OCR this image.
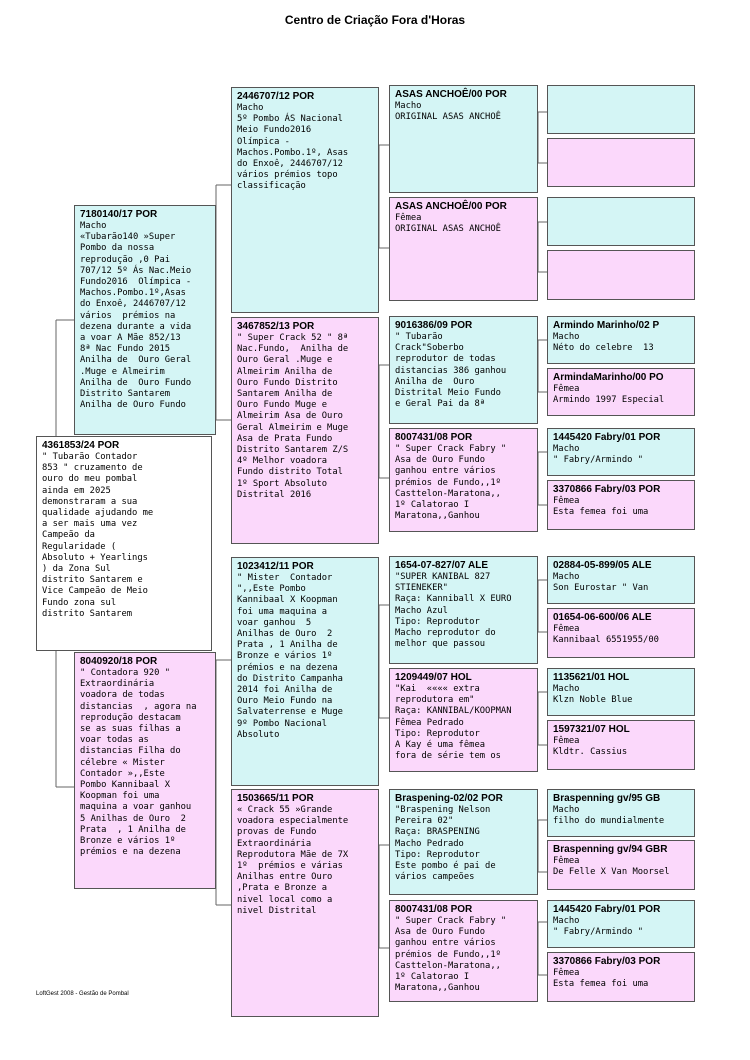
Centro de Criação Fora d'Horas
4361853/24 POR
" Tubarão Contador
853 " cruzamento de
ouro do meu pombal
ainda em 2025
demonstraram a sua
qualidade ajudando me
a ser mais uma vez
Campeão da
Regularidade (
Absoluto + Yearlings
) da Zona Sul
distrito Santarem e
Vice Campeão de Meio
Fundo zona sul
distrito Santarem
7180140/17 POR
Macho
«Tubarão140 »Super
Pombo da nossa
reprodução ,0 Pai
707/12 5º Ás Nac.Meio
Fundo2016  Olímpica -
Machos.Pombo.1º,Asas
do Enxoê, 2446707/12
vários  prémios na
dezena durante a vida
a voar A Mãe 852/13
8ª Nac Fundo 2015
Anilha de  Ouro Geral
.Muge e Almeirim
Anilha de  Ouro Fundo
Distrito Santarem
Anilha de Ouro Fundo
8040920/18 POR
" Contadora 920 "
Extraordinária
voadora de todas
distancias  , agora na
reprodução destacam
se as suas filhas a
voar todas as
distancias Filha do
célebre « Mister
Contador »,,Este
Pombo Kannibaal X
Koopman foi uma
maquina a voar ganhou
5 Anilhas de Ouro  2
Prata  , 1 Anilha de
Bronze e vários 1º
prémios e na dezena
2446707/12 POR
Macho
5º Pombo ÁS Nacional
Meio Fundo2016
Olímpica -
Machos.Pombo.1º, Asas
do Enxoê, 2446707/12
vários prémios topo
classificação
3467852/13 POR
" Super Crack 52 " 8ª
Nac.Fundo,  Anilha de
Ouro Geral .Muge e
Almeirim Anilha de
Ouro Fundo Distrito
Santarem Anilha de
Ouro Fundo Muge e
Almeirim Asa de Ouro
Geral Almeirim e Muge
Asa de Prata Fundo
Distrito Santarem Z/S
4º Melhor voadora
Fundo distrito Total
1º Sport Absoluto
Distrital 2016
1023412/11 POR
" Mister  Contador
",,Este Pombo
Kannibaal X Koopman
foi uma maquina a
voar ganhou  5
Anilhas de Ouro  2
Prata , 1 Anilha de
Bronze e vários 1º
prémios e na dezena
do Distrito Campanha
2014 foi Anilha de
Ouro Meio Fundo na
Salvaterrense e Muge
9º Pombo Nacional
Absoluto
1503665/11 POR
« Crack 55 »Grande
voadora especialmente
provas de Fundo
Extraordinária
Reprodutora Mãe de 7X
1º  prémios e várias
Anilhas entre Ouro
,Prata e Bronze a
nivel local como a
nivel Distrital
ASAS ANCHOÊ/00 POR
Macho
ORIGINAL ASAS ANCHOÊ
ASAS ANCHOÊ/00 POR
Fêmea
ORIGINAL ASAS ANCHOÊ
9016386/09 POR
" Tubarão
Crack"Soberbo
reprodutor de todas
distancias 386 ganhou
Anilha de  Ouro
Distrital Meio Fundo
e Geral Pai da 8ª
8007431/08 POR
" Super Crack Fabry "
Asa de Ouro Fundo
ganhou entre vários
prémios de Fundo,,1º
Casttelon-Maratona,,
1º Calatorao I
Maratona,,Ganhou
1654-07-827/07 ALE
"SUPER KANIBAL 827
STIENEKER"
Raça: Kanniball X EURO
Macho Azul
Tipo: Reprodutor
Macho reprodutor do
melhor que passou
1209449/07 HOL
"Kai  «««« extra
reprodutora em"
Raça: KANNIBAL/KOOPMAN
Fêmea Pedrado
Tipo: Reprodutor
A Kay é uma fêmea
fora de série tem os
Braspening-02/02 POR
"Braspening Nelson
Pereira 02"
Raça: BRASPENING
Macho Pedrado
Tipo: Reprodutor
Este pombo é pai de
vários campeões
8007431/08 POR
" Super Crack Fabry "
Asa de Ouro Fundo
ganhou entre vários
prémios de Fundo,,1º
Casttelon-Maratona,,
1º Calatorao I
Maratona,,Ganhou
Armindo Marinho/02 P
Macho
Néto do celebre  13
ArmindaMarinho/00 PO
Fêmea
Armindo 1997 Especial
1445420 Fabry/01 POR
Macho
" Fabry/Armindo "
3370866 Fabry/03 POR
Fêmea
Esta femea foi uma
02884-05-899/05 ALE
Macho
Son Eurostar " Van
01654-06-600/06 ALE
Fêmea
Kannibaal 6551955/00
1135621/01 HOL
Macho
Klzn Noble Blue
1597321/07 HOL
Fêmea
Kldtr. Cassius
Braspenning gv/95 GB
Macho
filho do mundialmente
Braspenning gv/94 GBR
Fêmea
De Felle X Van Moorsel
1445420 Fabry/01 POR
Macho
" Fabry/Armindo "
3370866 Fabry/03 POR
Fêmea
Esta femea foi uma
LoftGest 2008 - Gestão de Pombal
